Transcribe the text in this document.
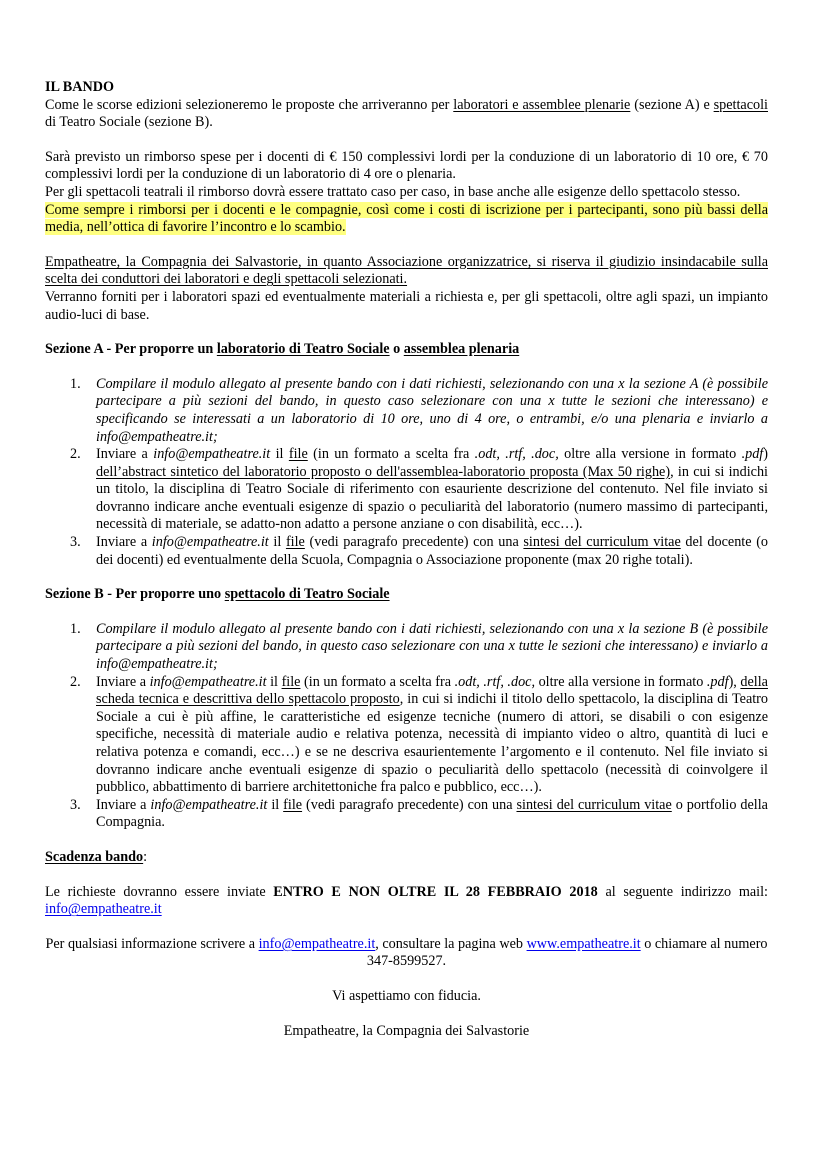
IL BANDO

Come le scorse edizioni selezioneremo le proposte che arriveranno per laboratori e assemblee plenarie (sezione A) e spettacoli di Teatro Sociale (sezione B).

Sarà previsto un rimborso spese per i docenti di € 150 complessivi lordi per la conduzione di un laboratorio di 10 ore, € 70 complessivi lordi per la conduzione di un laboratorio di 4 ore o plenaria.

Per gli spettacoli teatrali il rimborso dovrà essere trattato caso per caso, in base anche alle esigenze dello spettacolo stesso.

Come sempre i rimborsi per i docenti e le compagnie, così come i costi di iscrizione per i partecipanti, sono più bassi della media, nell’ottica di favorire l’incontro e lo scambio.

Empatheatre, la Compagnia dei Salvastorie, in quanto Associazione organizzatrice, si riserva il giudizio insindacabile sulla scelta dei conduttori dei laboratori e degli spettacoli selezionati.

Verranno forniti per i laboratori spazi ed eventualmente materiali a richiesta e, per gli spettacoli, oltre agli spazi, un impianto audio-luci di base.

Sezione A - Per proporre un laboratorio di Teatro Sociale o assemblea plenaria

1. Compilare il modulo allegato al presente bando con i dati richiesti, selezionando con una x la sezione A (è possibile partecipare a più sezioni del bando, in questo caso selezionare con una x tutte le sezioni che interessano) e specificando se interessati a un laboratorio di 10 ore, uno di 4 ore, o entrambi, e/o una plenaria e inviarlo a info@empatheatre.it;
2. Inviare a info@empatheatre.it il file (in un formato a scelta fra .odt, .rtf, .doc, oltre alla versione in formato .pdf) dell’abstract sintetico del laboratorio proposto o dell'assemblea-laboratorio proposta (Max 50 righe), in cui si indichi un titolo, la disciplina di Teatro Sociale di riferimento con esauriente descrizione del contenuto. Nel file inviato si dovranno indicare anche eventuali esigenze di spazio o peculiarità del laboratorio (numero massimo di partecipanti, necessità di materiale, se adatto-non adatto a persone anziane o con disabilità, ecc…).
3. Inviare a info@empatheatre.it il file (vedi paragrafo precedente) con una sintesi del curriculum vitae del docente (o dei docenti) ed eventualmente della Scuola, Compagnia o Associazione proponente (max 20 righe totali).

Sezione B - Per proporre uno spettacolo di Teatro Sociale

1. Compilare il modulo allegato al presente bando con i dati richiesti, selezionando con una x la sezione B (è possibile partecipare a più sezioni del bando, in questo caso selezionare con una x tutte le sezioni che interessano) e inviarlo a info@empatheatre.it;
2. Inviare a info@empatheatre.it il file (in un formato a scelta fra .odt, .rtf, .doc, oltre alla versione in formato .pdf), della scheda tecnica e descrittiva dello spettacolo proposto, in cui si indichi il titolo dello spettacolo, la disciplina di Teatro Sociale a cui è più affine, le caratteristiche ed esigenze tecniche (numero di attori, se disabili o con esigenze specifiche, necessità di materiale audio e relativa potenza, necessità di impianto video o altro, quantità di luci e relativa potenza e comandi, ecc…) e se ne descriva esaurientemente l’argomento e il contenuto. Nel file inviato si dovranno indicare anche eventuali esigenze di spazio o peculiarità dello spettacolo (necessità di coinvolgere il pubblico, abbattimento di barriere architettoniche fra palco e pubblico, ecc…).
3. Inviare a info@empatheatre.it il file (vedi paragrafo precedente) con una sintesi del curriculum vitae o portfolio della Compagnia.

Scadenza bando:

Le richieste dovranno essere inviate ENTRO E NON OLTRE IL 28 FEBBRAIO 2018 al seguente indirizzo mail: info@empatheatre.it

Per qualsiasi informazione scrivere a info@empatheatre.it, consultare la pagina web www.empatheatre.it o chiamare al numero 347-8599527.

Vi aspettiamo con fiducia.

Empatheatre, la Compagnia dei Salvastorie
